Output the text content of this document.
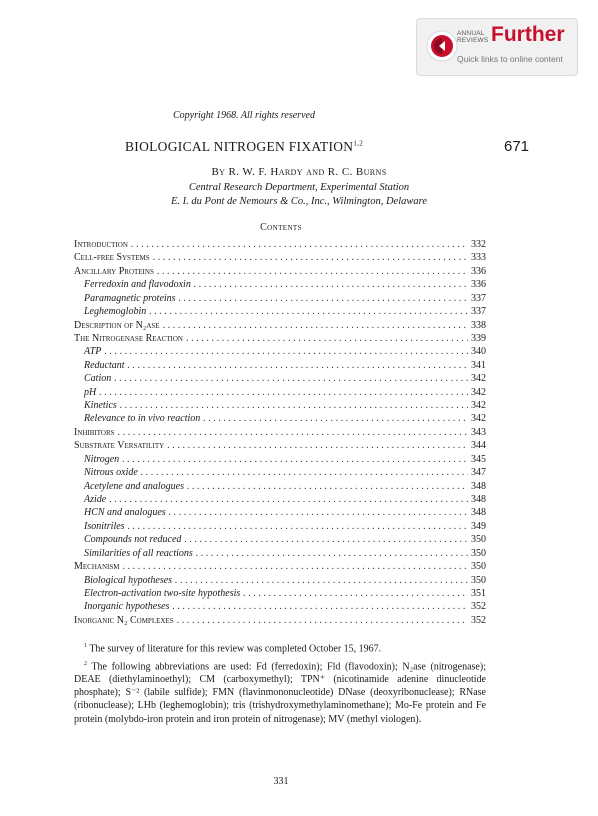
ANNUAL
REVIEWS Further
Quick links to online content
Copyright 1968. All rights reserved
BIOLOGICAL NITROGEN FIXATION$^{1,2}$	671
By R. W. F. Hardy and R. C. Burns
Central Research Department, Experimental Station
E. I. du Pont de Nemours & Co., Inc., Wilmington, Delaware
Contents
Introduction .....	332
Cell-free Systems .....	333
Ancillary Proteins .....	336
Ferredoxin and flavodoxin .....	336
Paramagnetic proteins .....	337
Leghemoglobin .....	337
Description of N₂ase .....	338
The Nitrogenase Reaction .....	339
ATP .....	340
Reductant .....	341
Cation .....	342
pH .....	342
Kinetics .....	342
Relevance to in vivo reaction .....	342
Inhibitors .....	343
Substrate Versatility .....	344
Nitrogen .....	345
Nitrous oxide .....	347
Acetylene and analogues .....	348
Azide .....	348
HCN and analogues .....	348
Isonitriles .....	349
Compounds not reduced .....	350
Similarities of all reactions .....	350
Mechanism .....	350
Biological hypotheses .....	350
Electron-activation two-site hypothesis .....	351
Inorganic hypotheses .....	352
Inorganic N₂ Complexes .....	352

$^1$ The survey of literature for this review was completed October 15, 1967.

$^2$ The following abbreviations are used: Fd (ferredoxin); Fld (flavodoxin); N₂ase (nitrogenase); DEAE (diethylaminoethyl); CM (carboxymethyl); TPN⁺ (nicotinamide adenine dinucleotide phosphate); S⁻² (labile sulfide); FMN (flavinmononucleotide) DNase (deoxyribonuclease); RNase (ribonuclease); LHb (leghemoglobin); tris (trishydroxymethylaminomethane); Mo-Fe protein and Fe protein (molybdo-iron protein and iron protein of nitrogenase); MV (methyl viologen).

331
